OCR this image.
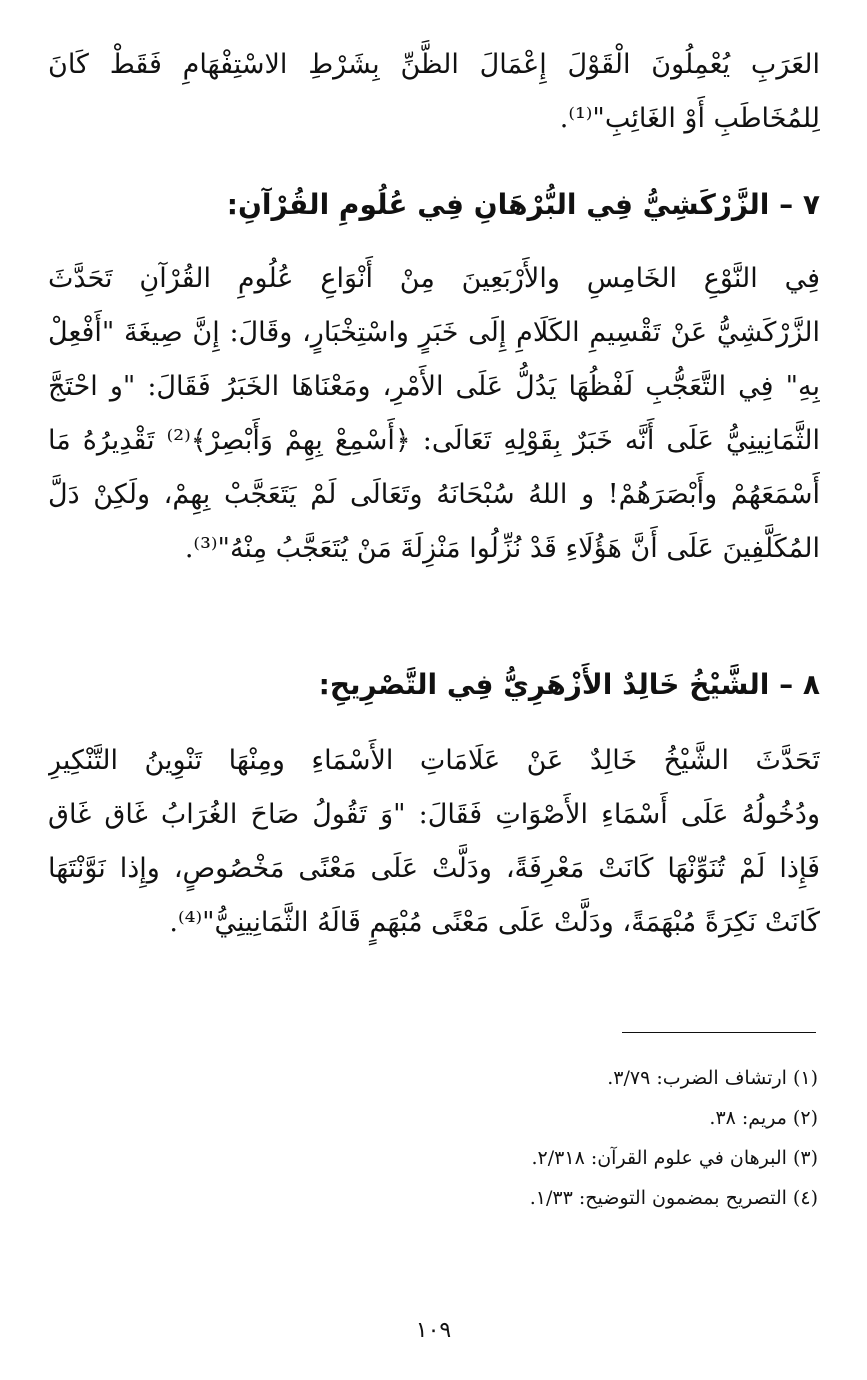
العَرَبِ يُعْمِلُونَ الْقَوْلَ إِعْمَالَ الظَّنِّ بِشَرْطِ الاسْتِفْهَامِ فَقَطْ كَانَ
لِلمُخَاطَبِ أَوْ الغَائِبِ"⁽¹⁾.
٧ – الزَّرْكَشِيُّ فِي البُّرْهَانِ فِي عُلُومِ القُرْآنِ:
فِي النَّوْعِ الخَامِسِ والأَرْبَعِينَ مِنْ أَنْوَاعِ عُلُومِ القُرْآنِ تَحَدَّثَ
الزَّرْكَشِيُّ عَنْ تَقْسِيمِ الكَلَامِ إِلَى خَبَرٍ واسْتِخْبَارٍ، وقَالَ: إِنَّ صِيغَةَ "أَفْعِلْ
بِهِ" فِي التَّعَجُّبِ لَفْظُهَا يَدُلُّ عَلَى الأَمْرِ، ومَعْنَاهَا الخَبَرُ فَقَالَ: "و احْتَجَّ
الثَّمَانِينِيُّ عَلَى أَنَّه خَبَرٌ بِقَوْلِهِ تَعَالَى: ﴿أَسْمِعْ بِهِمْ وَأَبْصِرْ﴾⁽²⁾ تَقْدِيرُهُ مَا
أَسْمَعَهُمْ وأَبْصَرَهُمْ! و اللهُ سُبْحَانَهُ وتَعَالَى لَمْ يَتَعَجَّبْ بِهِمْ، ولَكِنْ دَلَّ
المُكَلَّفِينَ عَلَى أَنَّ هَؤُلَاءِ قَدْ نُزِّلُوا مَنْزِلَةَ مَنْ يُتَعَجَّبُ مِنْهُ"⁽³⁾.
٨ – الشَّيْخُ خَالِدٌ الأَزْهَرِيُّ فِي التَّصْرِيحِ:
تَحَدَّثَ الشَّيْخُ خَالِدٌ عَنْ عَلَامَاتِ الأَسْمَاءِ ومِنْهَا تَنْوِينُ التَّنْكِيرِ
ودُخُولُهُ عَلَى أَسْمَاءِ الأَصْوَاتِ فَقَالَ: "وَ تَقُولُ صَاحَ الغُرَابُ غَاق غَاق
فَإِذا لَمْ تُنَوِّنْهَا كَانَتْ مَعْرِفَةً، ودَلَّتْ عَلَى مَعْنًى مَخْصُوصٍ، وإِذا نَوَّنْتَهَا
كَانَتْ نَكِرَةً مُبْهَمَةً، ودَلَّتْ عَلَى مَعْنًى مُبْهَمٍ قَالَهُ الثَّمَانِينِيُّ"⁽⁴⁾.
(١) ارتشاف الضرب: ٣/٧٩.
(٢) مريم: ٣٨.
(٣) البرهان في علوم القرآن: ٢/٣١٨.
(٤) التصريح بمضمون التوضيح: ١/٣٣.
١٠٩
